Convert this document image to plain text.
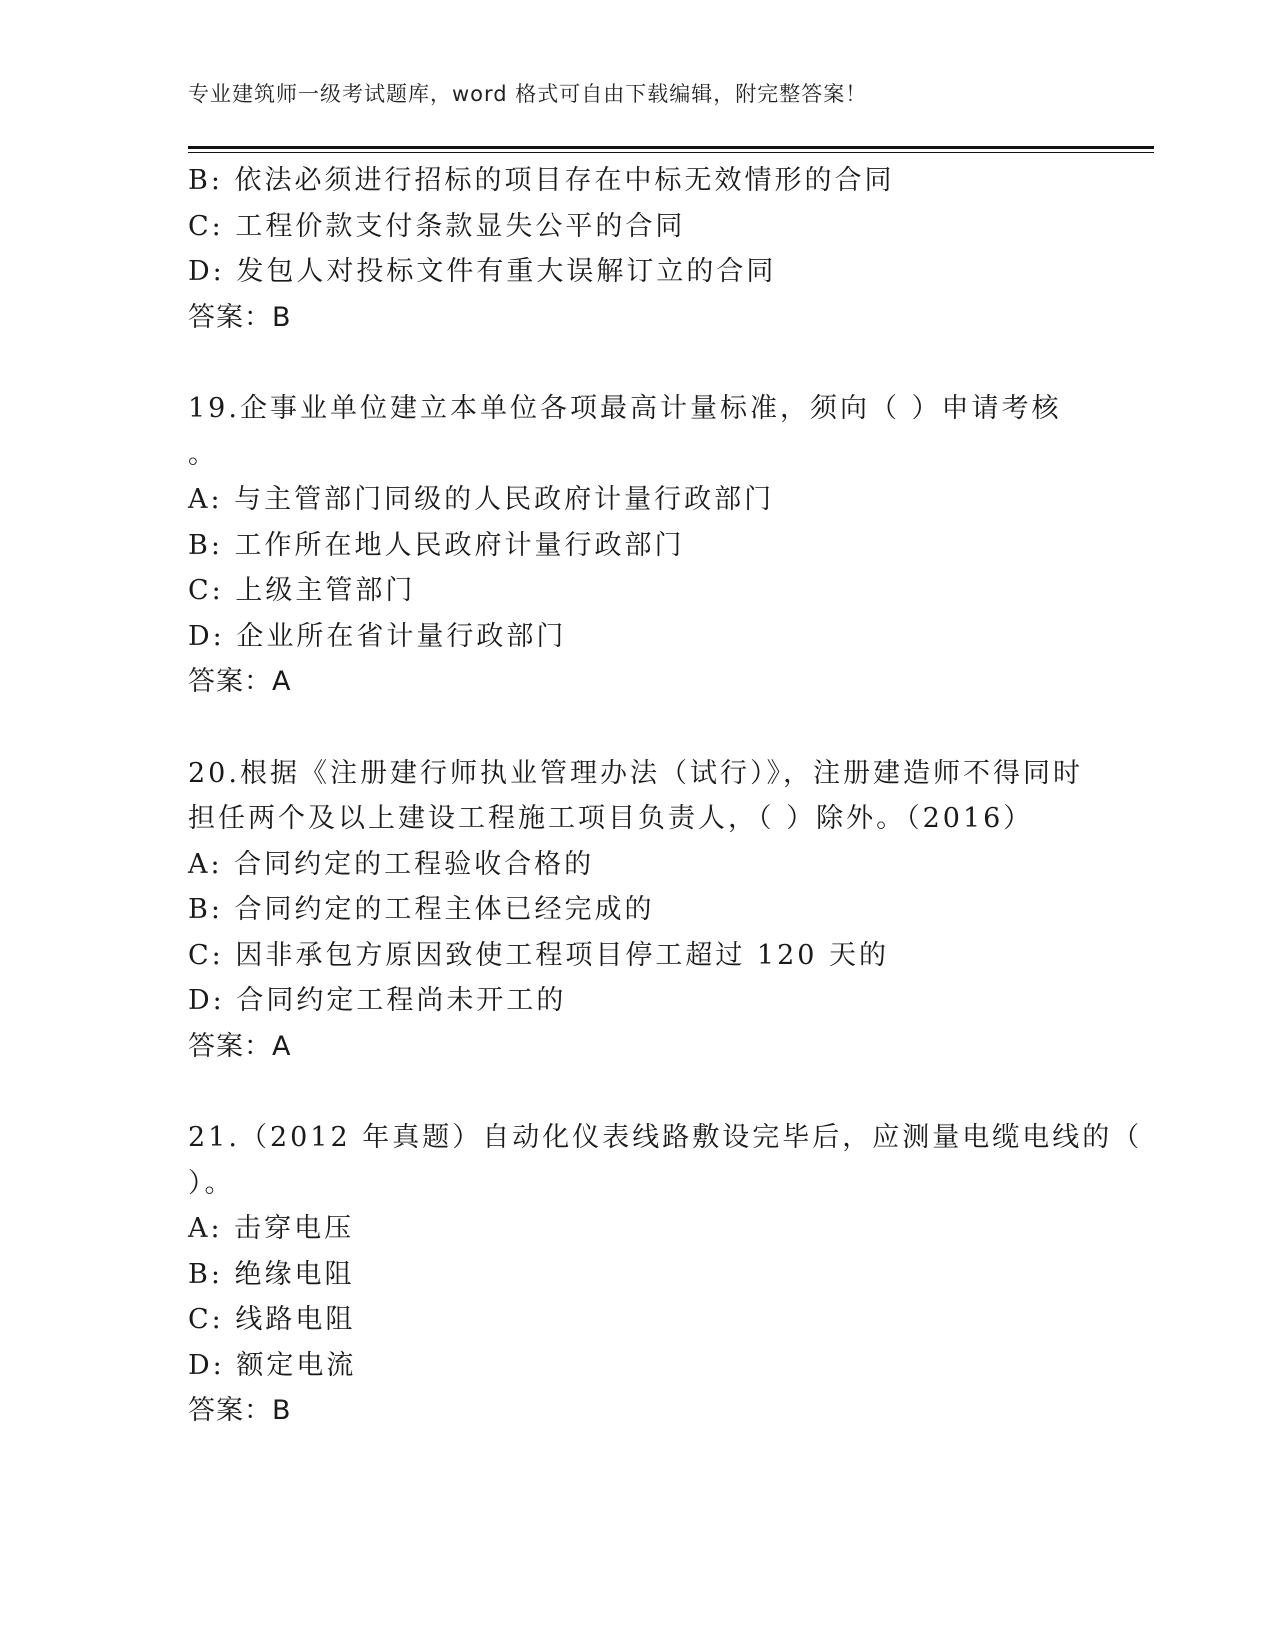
专业建筑师一级考试题库，word 格式可自由下载编辑，附完整答案！
B: 依法必须进行招标的项目存在中标无效情形的合同
C: 工程价款支付条款显失公平的合同
D: 发包人对投标文件有重大误解订立的合同
答案：B
19.企事业单位建立本单位各项最高计量标准，须向（ ）申请考核
。
A: 与主管部门同级的人民政府计量行政部门
B: 工作所在地人民政府计量行政部门
C: 上级主管部门
D: 企业所在省计量行政部门
答案：A
20.根据《注册建行师执业管理办法（试行）》，注册建造师不得同时
担任两个及以上建设工程施工项目负责人，（ ）除外。（2016）
A: 合同约定的工程验收合格的
B: 合同约定的工程主体已经完成的
C: 因非承包方原因致使工程项目停工超过 120 天的
D: 合同约定工程尚未开工的
答案：A
21.（2012 年真题）自动化仪表线路敷设完毕后，应测量电缆电线的（
）。
A: 击穿电压
B: 绝缘电阻
C: 线路电阻
D: 额定电流
答案：B
